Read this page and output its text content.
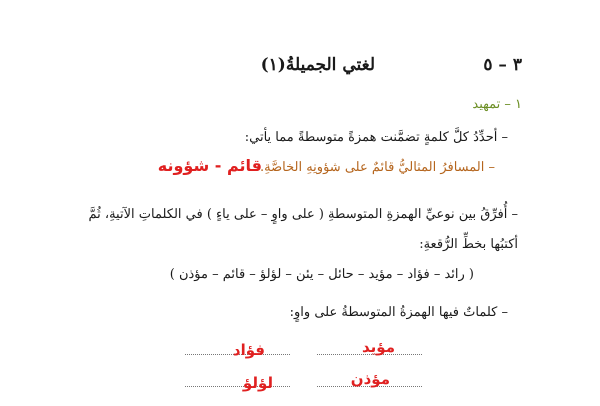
٣ – ٥
لغتي الجميلةُ(١)
١ – تمهيد
– أحدِّدُ كلَّ كلمةٍ تضمَّنت همزةً متوسطةً مما يأتي:
– المسافرُ المثاليُّ قائمٌ على شؤونِهِ الخاصَّةِ.
قائم - شؤونه
– أُفرِّقُ بين نوعيِّ الهمزةِ المتوسطةِ ( على واوٍ – على ياءٍ ) في الكلماتِ الآتيةِ، ثُمَّ أكتبُها بخطِّ الرُّقعةِ:
( رائد – فؤاد – مؤيد – حائل – يئن – لؤلؤ – قائم – مؤذن )
– كلماتٌ فيها الهمزةُ المتوسطةُ على واوٍ:
مؤيد
فؤاد
مؤذن
لؤلؤ
